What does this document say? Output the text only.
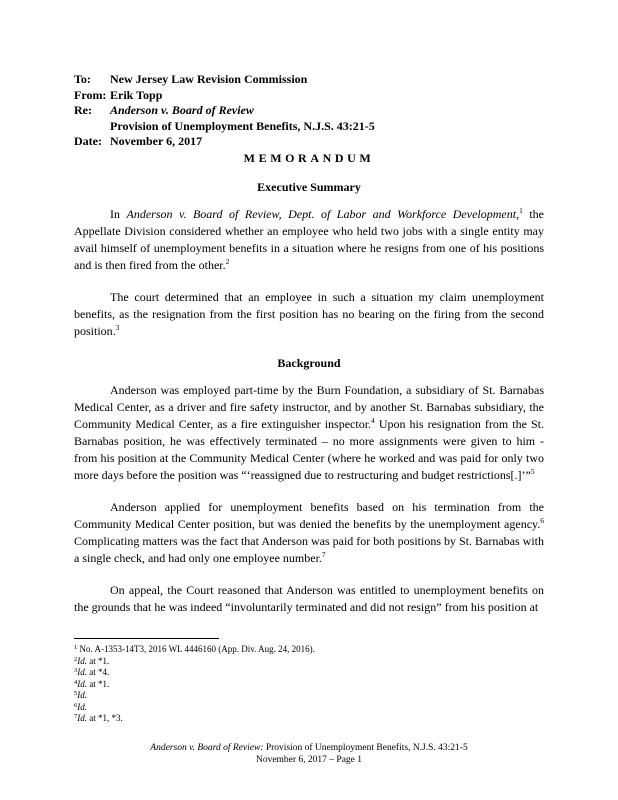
To:	New Jersey Law Revision Commission
From: Erik Topp
Re:	Anderson v. Board of Review
Provision of Unemployment Benefits, N.J.S. 43:21-5
Date: November 6, 2017
MEMORANDUM
Executive Summary

In Anderson v. Board of Review, Dept. of Labor and Workforce Development,$^1$ the Appellate Division considered whether an employee who held two jobs with a single entity may avail himself of unemployment benefits in a situation where he resigns from one of his positions and is then fired from the other.$^2$

The court determined that an employee in such a situation my claim unemployment benefits, as the resignation from the first position has no bearing on the firing from the second position.$^3$

Background

Anderson was employed part-time by the Burn Foundation, a subsidiary of St. Barnabas Medical Center, as a driver and fire safety instructor, and by another St. Barnabas subsidiary, the Community Medical Center, as a fire extinguisher inspector.$^4$ Upon his resignation from the St. Barnabas position, he was effectively terminated – no more assignments were given to him - from his position at the Community Medical Center (where he worked and was paid for only two more days before the position was “‘reassigned due to restructuring and budget restrictions[.]’”$^5$

Anderson applied for unemployment benefits based on his termination from the Community Medical Center position, but was denied the benefits by the unemployment agency.$^6$ Complicating matters was the fact that Anderson was paid for both positions by St. Barnabas with a single check, and had only one employee number.$^7$

On appeal, the Court reasoned that Anderson was entitled to unemployment benefits on the grounds that he was indeed “involuntarily terminated and did not resign” from his position at

$^1$ No. A-1353-14T3, 2016 WL 4446160 (App. Div. Aug. 24, 2016).
$^2$Id. at *1.
$^3$Id. at *4.
$^4$Id. at *1.
$^5$Id.
$^6$Id.
$^7$Id. at *1, *3.
Anderson v. Board of Review: Provision of Unemployment Benefits, N.J.S. 43:21-5
November 6, 2017 – Page 1
